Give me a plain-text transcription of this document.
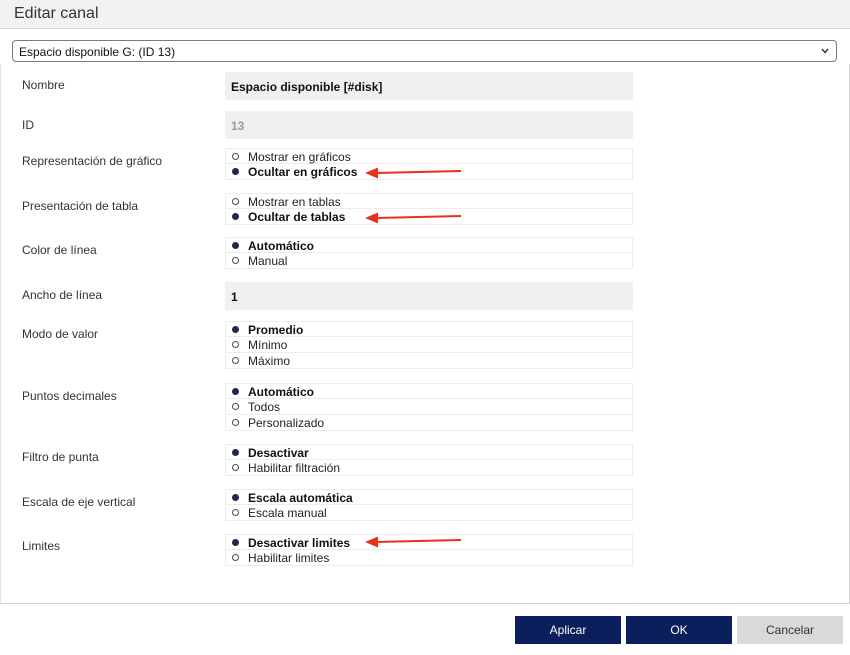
Editar canal
Espacio disponible G: (ID 13)
Nombre	Espacio disponible [#disk]
ID	13
Representación de gráfico	Mostrar en gráficos
Ocultar en gráficos
Presentación de tabla	Mostrar en tablas
Ocultar de tablas
Color de línea	Automático
Manual
Ancho de línea	1
Modo de valor	Promedio
Mínimo
Máximo
Puntos decimales	Automático
Todos
Personalizado
Filtro de punta	Desactivar
Habilitar filtración
Escala de eje vertical	Escala automática
Escala manual
Limites	Desactivar limites
Habilitar limites
Aplicar	OK	Cancelar
